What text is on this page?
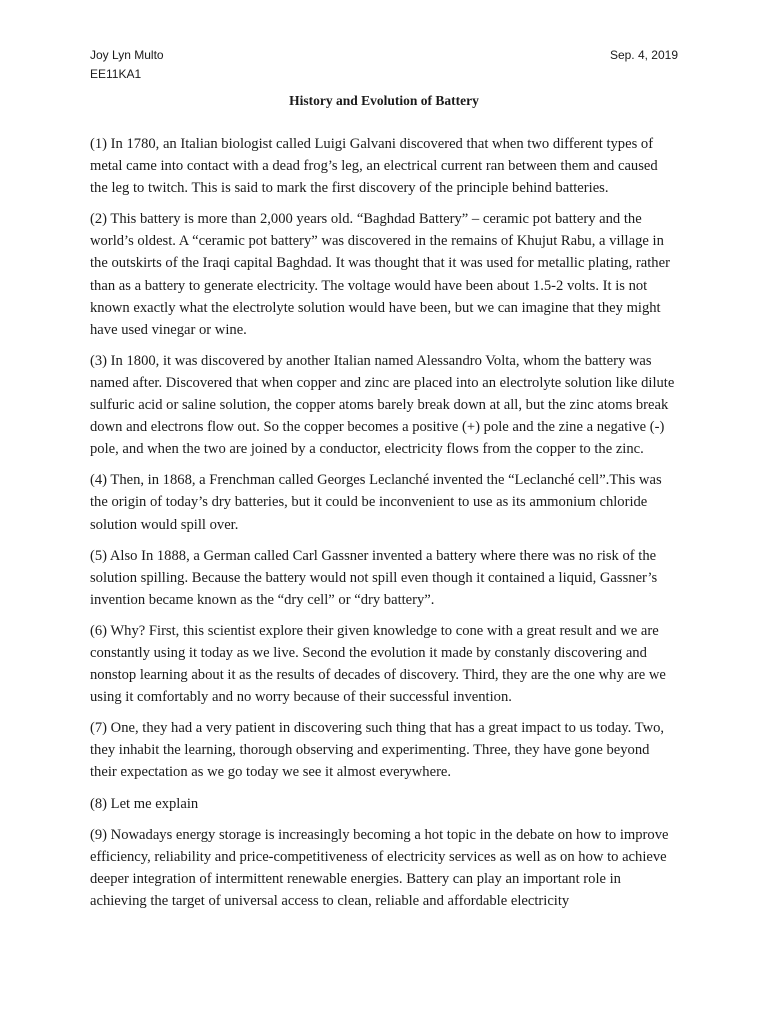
Joy Lyn Multo
EE11KA1
Sep. 4, 2019
History and Evolution of Battery

(1) In 1780, an Italian biologist called Luigi Galvani discovered that when two different types of metal came into contact with a dead frog’s leg, an electrical current ran between them and caused the leg to twitch. This is said to mark the first discovery of the principle behind batteries.

(2) This battery is more than 2,000 years old. “Baghdad Battery” – ceramic pot battery and the world’s oldest. A “ceramic pot battery” was discovered in the remains of Khujut Rabu, a village in the outskirts of the Iraqi capital Baghdad. It was thought that it was used for metallic plating, rather than as a battery to generate electricity. The voltage would have been about 1.5-2 volts. It is not known exactly what the electrolyte solution would have been, but we can imagine that they might have used vinegar or wine.

(3) In 1800, it was discovered by another Italian named Alessandro Volta, whom the battery was named after. Discovered that when copper and zinc are placed into an electrolyte solution like dilute sulfuric acid or saline solution, the copper atoms barely break down at all, but the zinc atoms break down and electrons flow out. So the copper becomes a positive (+) pole and the zine a negative (-) pole, and when the two are joined by a conductor, electricity flows from the copper to the zinc.

(4) Then, in 1868, a Frenchman called Georges Leclanché invented the “Leclanché cell”.This was the origin of today’s dry batteries, but it could be inconvenient to use as its ammonium chloride solution would spill over.

(5) Also In 1888, a German called Carl Gassner invented a battery where there was no risk of the solution spilling. Because the battery would not spill even though it contained a liquid, Gassner’s invention became known as the “dry cell” or “dry battery”.

(6) Why? First, this scientist explore their given knowledge to cone with a great result and we are constantly using it today as we live. Second the evolution it made by constanly discovering and nonstop learning about it as the results of decades of discovery. Third, they are the one why are we using it comfortably and no worry because of their successful invention.

(7) One, they had a very patient in discovering such thing that has a great impact to us today. Two, they inhabit the learning, thorough observing and experimenting. Three, they have gone beyond their expectation as we go today we see it almost everywhere.

(8) Let me explain

(9) Nowadays energy storage is increasingly becoming a hot topic in the debate on how to improve efficiency, reliability and price-competitiveness of electricity services as well as on how to achieve deeper integration of intermittent renewable energies. Battery can play an important role in achieving the target of universal access to clean, reliable and affordable electricity
